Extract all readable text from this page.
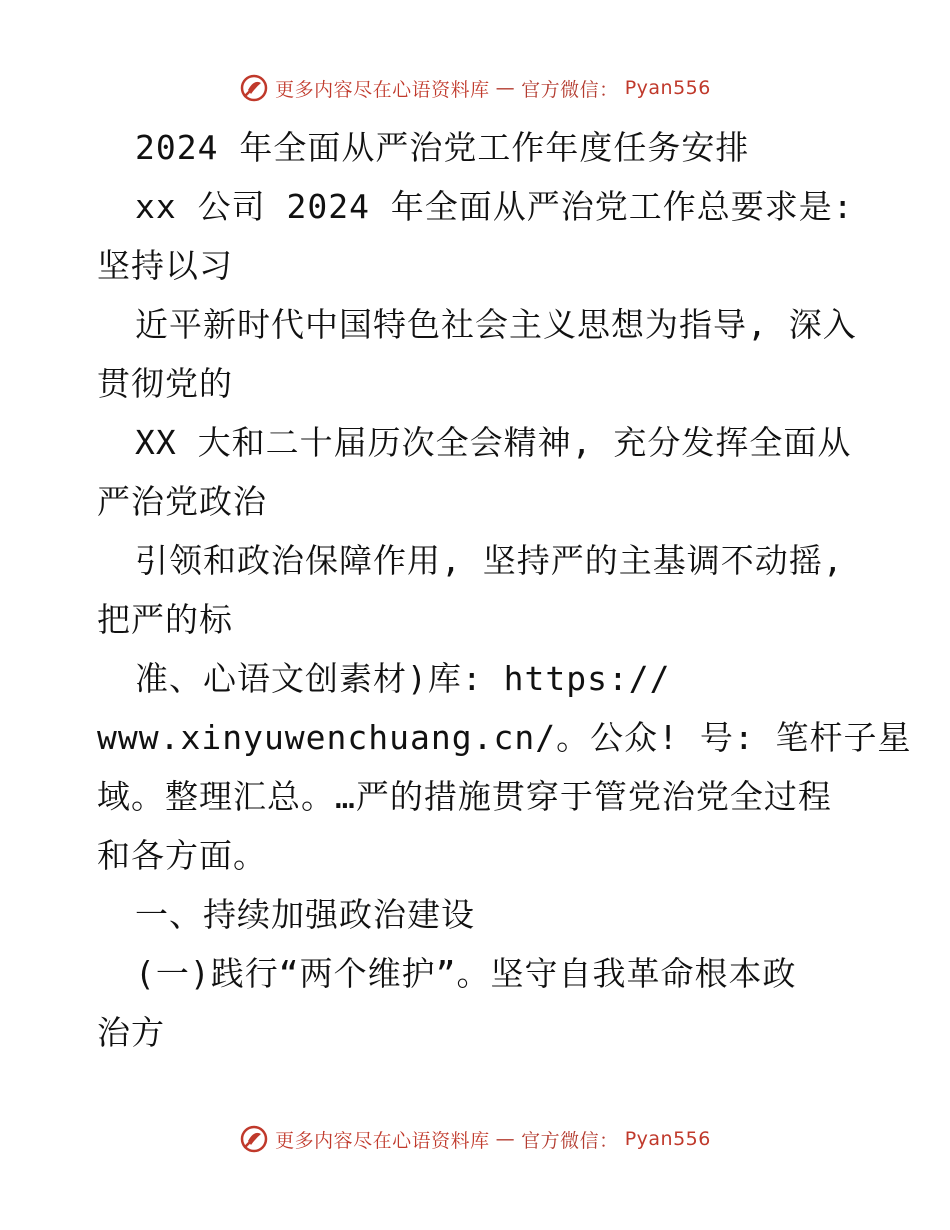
更多内容尽在心语资料库 — 官方微信： Pyan556
2024 年全面从严治党工作年度任务安排
xx 公司 2024 年全面从严治党工作总要求是:
坚持以习
近平新时代中国特色社会主义思想为指导, 深入
贯彻党的
XX 大和二十届历次全会精神, 充分发挥全面从
严治党政治
引领和政治保障作用, 坚持严的主基调不动摇,
把严的标
准、心语文创素材)库: https://
www.xinyuwenchuang.cn/。公众! 号: 笔杆子星
域。整理汇总。…严的措施贯穿于管党治党全过程
和各方面。
一、持续加强政治建设
(一)践行“两个维护”。坚守自我革命根本政
治方
更多内容尽在心语资料库 — 官方微信： Pyan556
